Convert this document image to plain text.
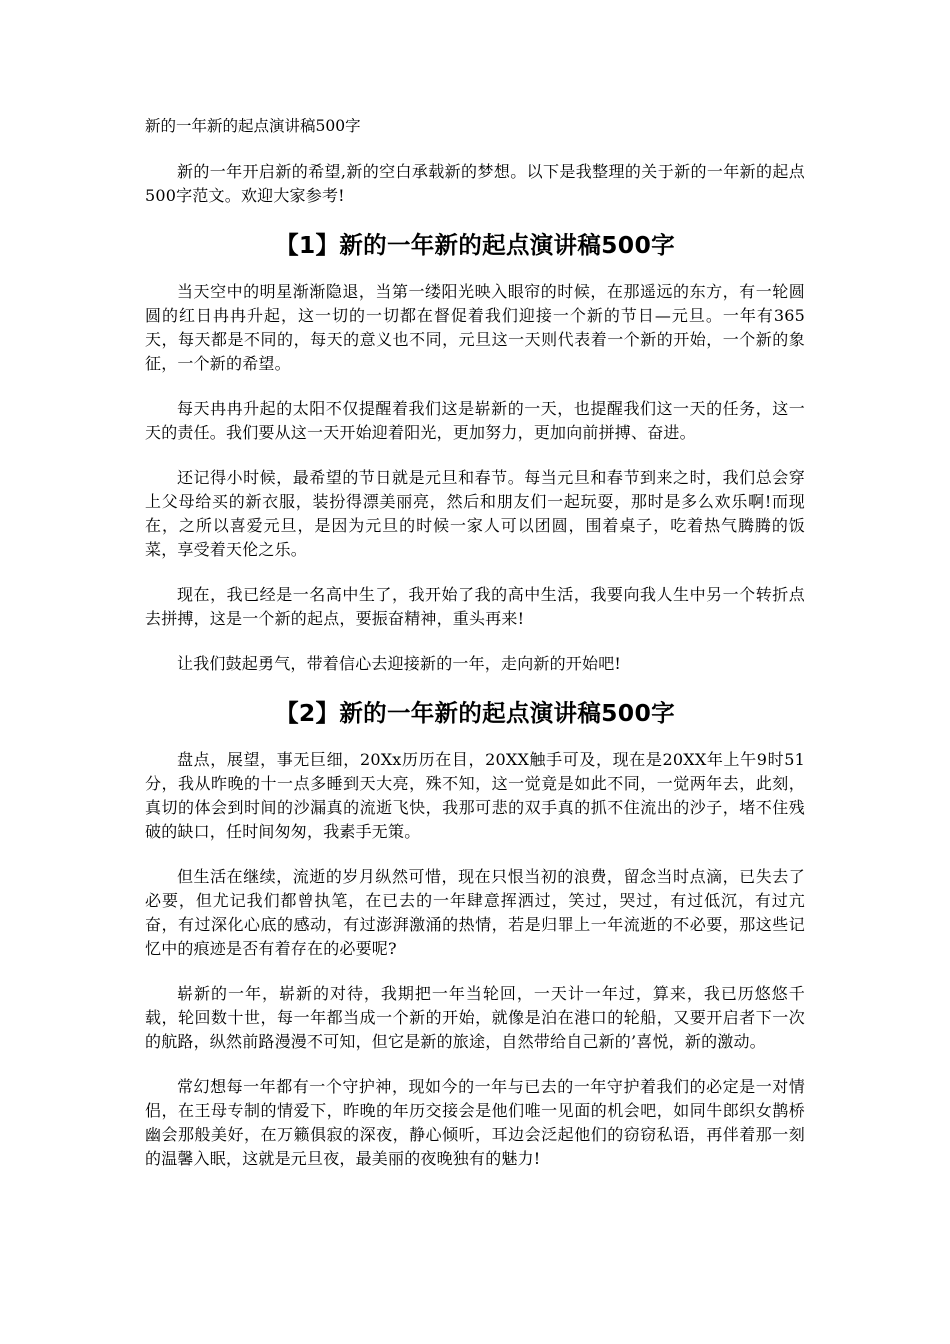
新的一年新的起点演讲稿500字

新的一年开启新的希望,新的空白承载新的梦想。以下是我整理的关于新的一年新的起点500字范文。欢迎大家参考!

【1】新的一年新的起点演讲稿500字

当天空中的明星渐渐隐退，当第一缕阳光映入眼帘的时候，在那遥远的东方，有一轮圆圆的红日冉冉升起，这一切的一切都在督促着我们迎接一个新的节日—元旦。一年有365天，每天都是不同的，每天的意义也不同，元旦这一天则代表着一个新的开始，一个新的象征，一个新的希望。

每天冉冉升起的太阳不仅提醒着我们这是崭新的一天，也提醒我们这一天的任务，这一天的责任。我们要从这一天开始迎着阳光，更加努力，更加向前拼搏、奋进。

还记得小时候，最希望的节日就是元旦和春节。每当元旦和春节到来之时，我们总会穿上父母给买的新衣服，装扮得漂美丽亮，然后和朋友们一起玩耍，那时是多么欢乐啊!而现在，之所以喜爱元旦，是因为元旦的时候一家人可以团圆，围着桌子，吃着热气腾腾的饭菜，享受着天伦之乐。

现在，我已经是一名高中生了，我开始了我的高中生活，我要向我人生中另一个转折点去拼搏，这是一个新的起点，要振奋精神，重头再来!

让我们鼓起勇气，带着信心去迎接新的一年，走向新的开始吧!

【2】新的一年新的起点演讲稿500字

盘点，展望，事无巨细，20Xx历历在目，20XX触手可及，现在是20XX年上午9时51分，我从昨晚的十一点多睡到天大亮，殊不知，这一觉竟是如此不同，一觉两年去，此刻，真切的体会到时间的沙漏真的流逝飞快，我那可悲的双手真的抓不住流出的沙子，堵不住残破的缺口，任时间匆匆，我素手无策。

但生活在继续，流逝的岁月纵然可惜，现在只恨当初的浪费，留念当时点滴，已失去了必要，但尤记我们都曾执笔，在已去的一年肆意挥洒过，笑过，哭过，有过低沉，有过亢奋，有过深化心底的感动，有过澎湃激涌的热情，若是归罪上一年流逝的不必要，那这些记忆中的痕迹是否有着存在的必要呢?

崭新的一年，崭新的对待，我期把一年当轮回，一天计一年过，算来，我已历悠悠千载，轮回数十世，每一年都当成一个新的开始，就像是泊在港口的轮船，又要开启者下一次的航路，纵然前路漫漫不可知，但它是新的旅途，自然带给自己新的’喜悦，新的激动。

常幻想每一年都有一个守护神，现如今的一年与已去的一年守护着我们的必定是一对情侣，在王母专制的情爱下，昨晚的年历交接会是他们唯一见面的机会吧，如同牛郎织女鹊桥幽会那般美好，在万籁俱寂的深夜，静心倾听，耳边会泛起他们的窃窃私语，再伴着那一刻的温馨入眠，这就是元旦夜，最美丽的夜晚独有的魅力!
